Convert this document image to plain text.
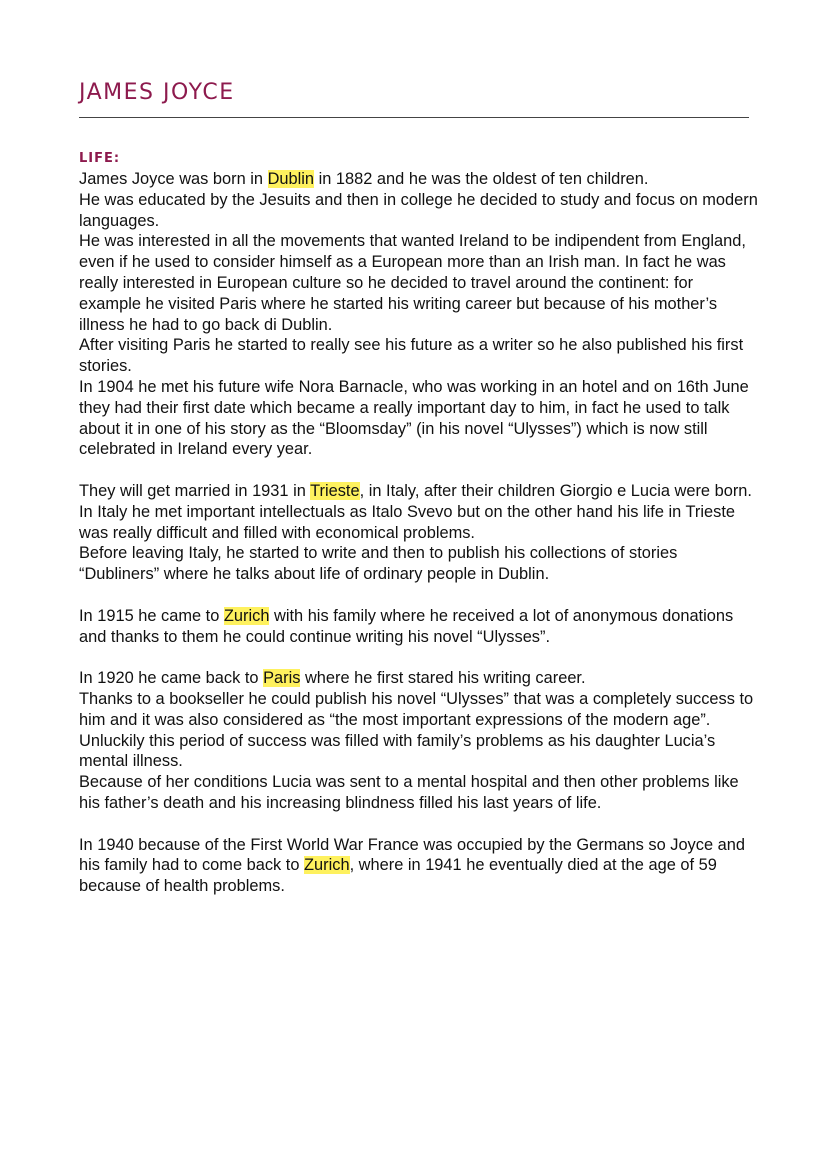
JAMES JOYCE
LIFE:

James Joyce was born in Dublin in 1882 and he was the oldest of ten children.

He was educated by the Jesuits and then in college he decided to study and focus on modern languages.

He was interested in all the movements that wanted Ireland to be indipendent from England, even if he used to consider himself as a European more than an Irish man. In fact he was really interested in European culture so he decided to travel around the continent: for example he visited Paris where he started his writing career but because of his mother’s illness he had to go back di Dublin.

After visiting Paris he started to really see his future as a writer so he also published his first stories.

In 1904 he met his future wife Nora Barnacle, who was working in an hotel and on 16th June they had their first date which became a really important day to him, in fact he used to talk about it in one of his story as the “Bloomsday” (in his novel “Ulysses”) which is now still celebrated in Ireland every year.

They will get married in 1931 in Trieste, in Italy, after their children Giorgio e Lucia were born.

In Italy he met important intellectuals as Italo Svevo but on the other hand his life in Trieste was really difficult and filled with economical problems.

Before leaving Italy, he started to write and then to publish his collections of stories “Dubliners” where he talks about life of ordinary people in Dublin.

In 1915 he came to Zurich with his family where he received a lot of anonymous donations and thanks to them he could continue writing his novel “Ulysses”.

In 1920 he came back to Paris where he first stared his writing career.

Thanks to a bookseller he could publish his novel “Ulysses” that was a completely success to him and it was also considered as “the most important expressions of the modern age”.

Unluckily this period of success was filled with family’s problems as his daughter Lucia’s mental illness.

Because of her conditions Lucia was sent to a mental hospital and then other problems like his father’s death and his increasing blindness filled his last years of life.

In 1940 because of the First World War France was occupied by the Germans so Joyce and his family had to come back to Zurich, where in 1941 he eventually died at the age of 59 because of health problems.
